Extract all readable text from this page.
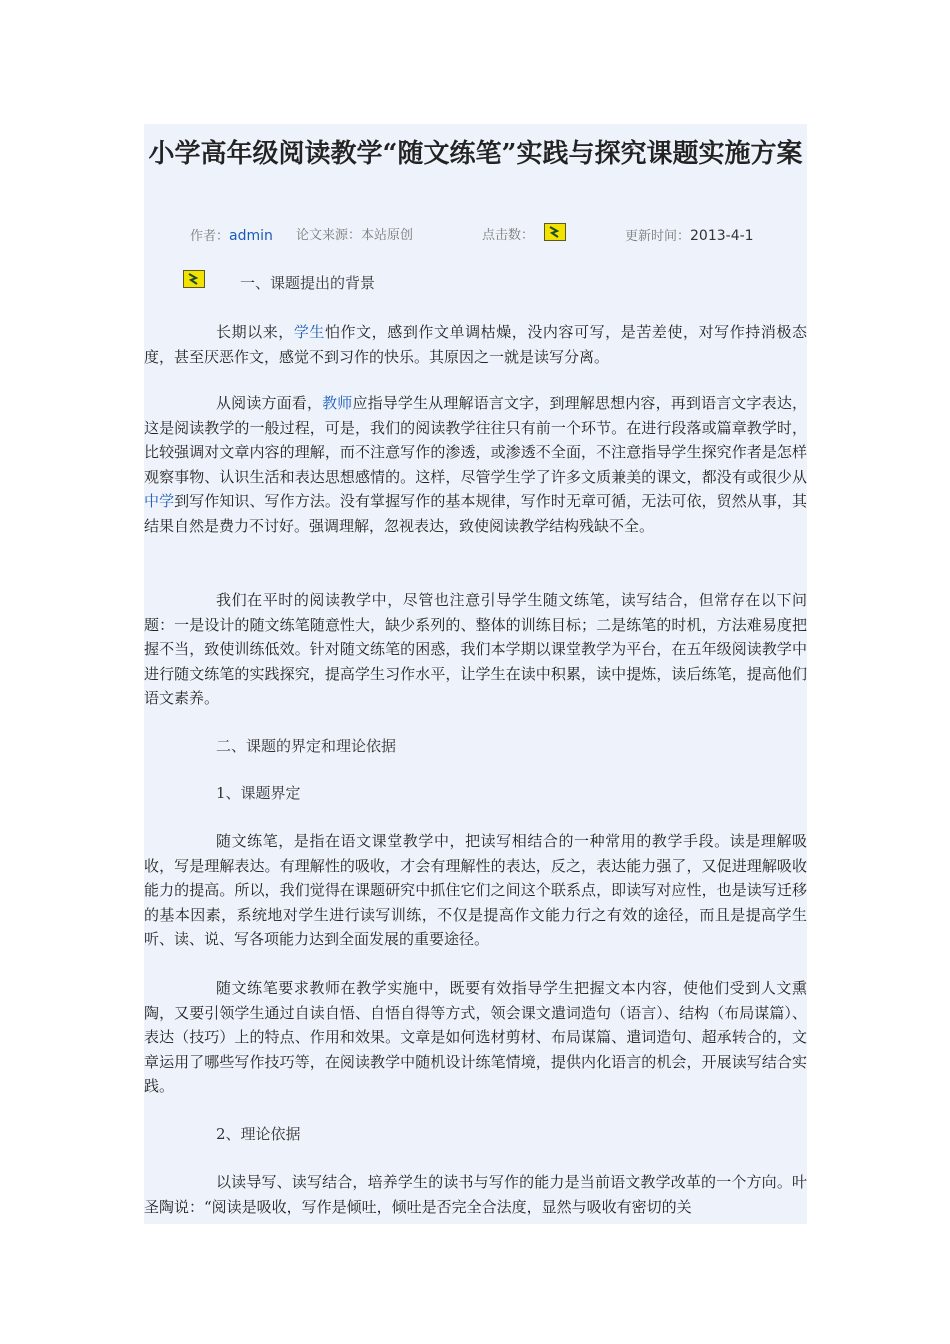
小学高年级阅读教学“随文练笔”实践与探究课题实施方案
作者：admin 论文来源：本站原创	点击数：	更新时间：2013-4-1
一、课题提出的背景
长期以来，学生怕作文，感到作文单调枯燥，没内容可写，是苦差使，对写作持消极态度，甚至厌恶作文，感觉不到习作的快乐。其原因之一就是读写分离。
从阅读方面看，教师应指导学生从理解语言文字，到理解思想内容，再到语言文字表达，这是阅读教学的一般过程，可是，我们的阅读教学往往只有前一个环节。在进行段落或篇章教学时，比较强调对文章内容的理解，而不注意写作的渗透，或渗透不全面，不注意指导学生探究作者是怎样观察事物、认识生活和表达思想感情的。这样，尽管学生学了许多文质兼美的课文，都没有或很少从中学到写作知识、写作方法。没有掌握写作的基本规律，写作时无章可循，无法可依，贸然从事，其结果自然是费力不讨好。强调理解，忽视表达，致使阅读教学结构残缺不全。
我们在平时的阅读教学中，尽管也注意引导学生随文练笔，读写结合，但常存在以下问题：一是设计的随文练笔随意性大，缺少系列的、整体的训练目标；二是练笔的时机，方法难易度把握不当，致使训练低效。针对随文练笔的困惑，我们本学期以课堂教学为平台，在五年级阅读教学中进行随文练笔的实践探究，提高学生习作水平，让学生在读中积累，读中提炼，读后练笔，提高他们语文素养。
二、课题的界定和理论依据
1、课题界定
随文练笔，是指在语文课堂教学中，把读写相结合的一种常用的教学手段。读是理解吸收，写是理解表达。有理解性的吸收，才会有理解性的表达，反之，表达能力强了，又促进理解吸收能力的提高。所以，我们觉得在课题研究中抓住它们之间这个联系点，即读写对应性，也是读写迁移的基本因素，系统地对学生进行读写训练，不仅是提高作文能力行之有效的途径，而且是提高学生听、读、说、写各项能力达到全面发展的重要途径。
随文练笔要求教师在教学实施中，既要有效指导学生把握文本内容，使他们受到人文熏陶，又要引领学生通过自读自悟、自悟自得等方式，领会课文遣词造句（语言）、结构（布局谋篇）、表达（技巧）上的特点、作用和效果。文章是如何选材剪材、布局谋篇、遣词造句、超承转合的，文章运用了哪些写作技巧等，在阅读教学中随机设计练笔情境，提供内化语言的机会，开展读写结合实践。
2、理论依据
以读导写、读写结合，培养学生的读书与写作的能力是当前语文教学改革的一个方向。叶圣陶说：“阅读是吸收，写作是倾吐，倾吐是否完全合法度，显然与吸收有密切的关
